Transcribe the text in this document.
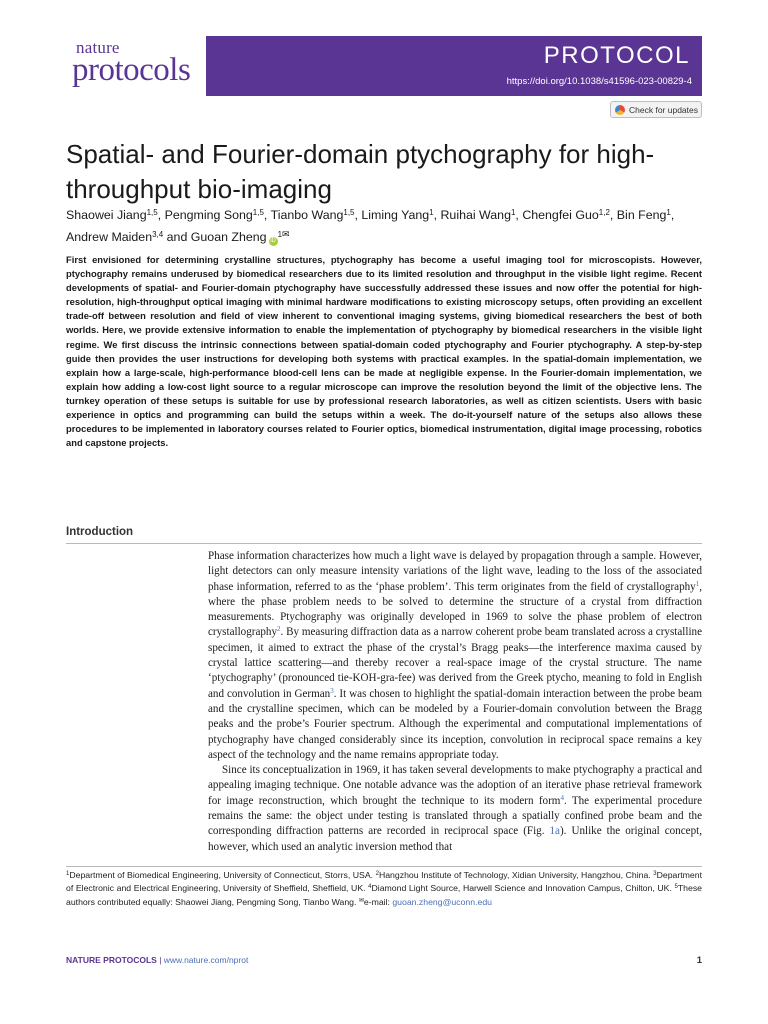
nature
protocols	PROTOCOL
https://doi.org/10.1038/s41596-023-00829-4
Check for updates
Spatial- and Fourier-domain ptychography for high-throughput bio-imaging
Shaowei Jiang$^{1,5}$, Pengming Song$^{1,5}$, Tianbo Wang$^{1,5}$, Liming Yang$^1$, Ruihai Wang$^1$, Chengfei Guo$^{1,2}$, Bin Feng$^1$, Andrew Maiden$^{3,4}$ and Guoan Zheng $iD^{1✉}$

First envisioned for determining crystalline structures, ptychography has become a useful imaging tool for microscopists. However, ptychography remains underused by biomedical researchers due to its limited resolution and throughput in the visible light regime. Recent developments of spatial- and Fourier-domain ptychography have successfully addressed these issues and now offer the potential for high-resolution, high-throughput optical imaging with minimal hardware modifications to existing microscopy setups, often providing an excellent trade-off between resolution and field of view inherent to conventional imaging systems, giving biomedical researchers the best of both worlds. Here, we provide extensive information to enable the implementation of ptychography by biomedical researchers in the visible light regime. We first discuss the intrinsic connections between spatial-domain coded ptychography and Fourier ptychography. A step-by-step guide then provides the user instructions for developing both systems with practical examples. In the spatial-domain implementation, we explain how a large-scale, high-performance blood-cell lens can be made at negligible expense. In the Fourier-domain implementation, we explain how adding a low-cost light source to a regular microscope can improve the resolution beyond the limit of the objective lens. The turnkey operation of these setups is suitable for use by professional research laboratories, as well as citizen scientists. Users with basic experience in optics and programming can build the setups within a week. The do-it-yourself nature of the setups also allows these procedures to be implemented in laboratory courses related to Fourier optics, biomedical instrumentation, digital image processing, robotics and capstone projects.

Introduction

Phase information characterizes how much a light wave is delayed by propagation through a sample. However, light detectors can only measure intensity variations of the light wave, leading to the loss of the associated phase information, referred to as the ‘phase problem’. This term originates from the field of crystallography$^1$, where the phase problem needs to be solved to determine the structure of a crystal from diffraction measurements. Ptychography was originally developed in 1969 to solve the phase problem of electron crystallography$^2$. By measuring diffraction data as a narrow coherent probe beam translated across a crystalline specimen, it aimed to extract the phase of the crystal’s Bragg peaks—the interference maxima caused by crystal lattice scattering—and thereby recover a real-space image of the crystal structure. The name ‘ptychography’ (pronounced tie-KOH-gra-fee) was derived from the Greek ptycho, meaning to fold in English and convolution in German$^3$. It was chosen to highlight the spatial-domain interaction between the probe beam and the crystalline specimen, which can be modeled by a Fourier-domain convolution between the Bragg peaks and the probe’s Fourier spectrum. Although the experimental and computational implementations of ptychography have changed considerably since its inception, convolution in reciprocal space remains a key aspect of the technology and the name remains appropriate today.

Since its conceptualization in 1969, it has taken several developments to make ptychography a practical and appealing imaging technique. One notable advance was the adoption of an iterative phase retrieval framework for image reconstruction, which brought the technique to its modern form$^4$. The experimental procedure remains the same: the object under testing is translated through a spatially confined probe beam and the corresponding diffraction patterns are recorded in reciprocal space (Fig. 1a). Unlike the original concept, however, which used an analytic inversion method that

$^1$Department of Biomedical Engineering, University of Connecticut, Storrs, USA. $^2$Hangzhou Institute of Technology, Xidian University, Hangzhou, China. $^3$Department of Electronic and Electrical Engineering, University of Sheffield, Sheffield, UK. $^4$Diamond Light Source, Harwell Science and Innovation Campus, Chilton, UK. $^5$These authors contributed equally: Shaowei Jiang, Pengming Song, Tianbo Wang. ✉e-mail: guoan.zheng@uconn.edu

NATURE PROTOCOLS | www.nature.com/nprot	1
